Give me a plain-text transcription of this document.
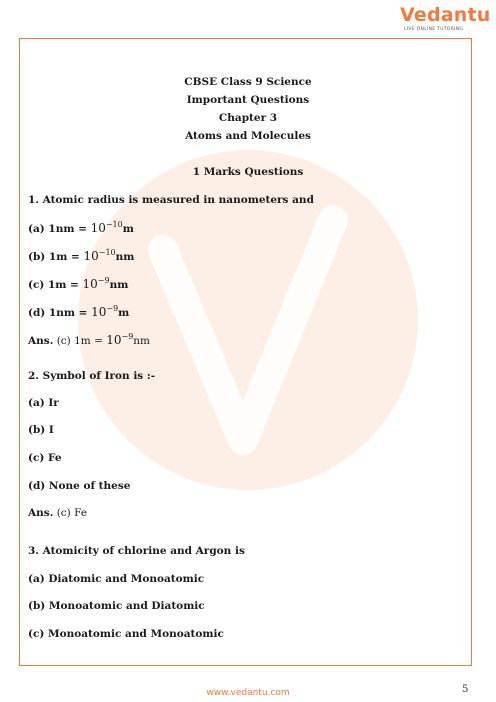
Vedantu
LIVE ONLINE TUTORING
CBSE Class 9 Science
Important Questions
Chapter 3
Atoms and Molecules
1 Marks Questions
1. Atomic radius is measured in nanometers and
(a) $1nm = 10^{-10}m$
(b) $1m = 10^{-10}nm$
(c) $1m = 10^{-9}nm$
(d) $1nm = 10^{-9}m$
Ans. (c) $1m = 10^{-9}nm$
2. Symbol of Iron is :-
(a) Ir
(b) I
(c) Fe
(d) None of these
Ans. (c) Fe
3. Atomicity of chlorine and Argon is
(a) Diatomic and Monoatomic
(b) Monoatomic and Diatomic
(c) Monoatomic and Monoatomic
www.vedantu.com	5
